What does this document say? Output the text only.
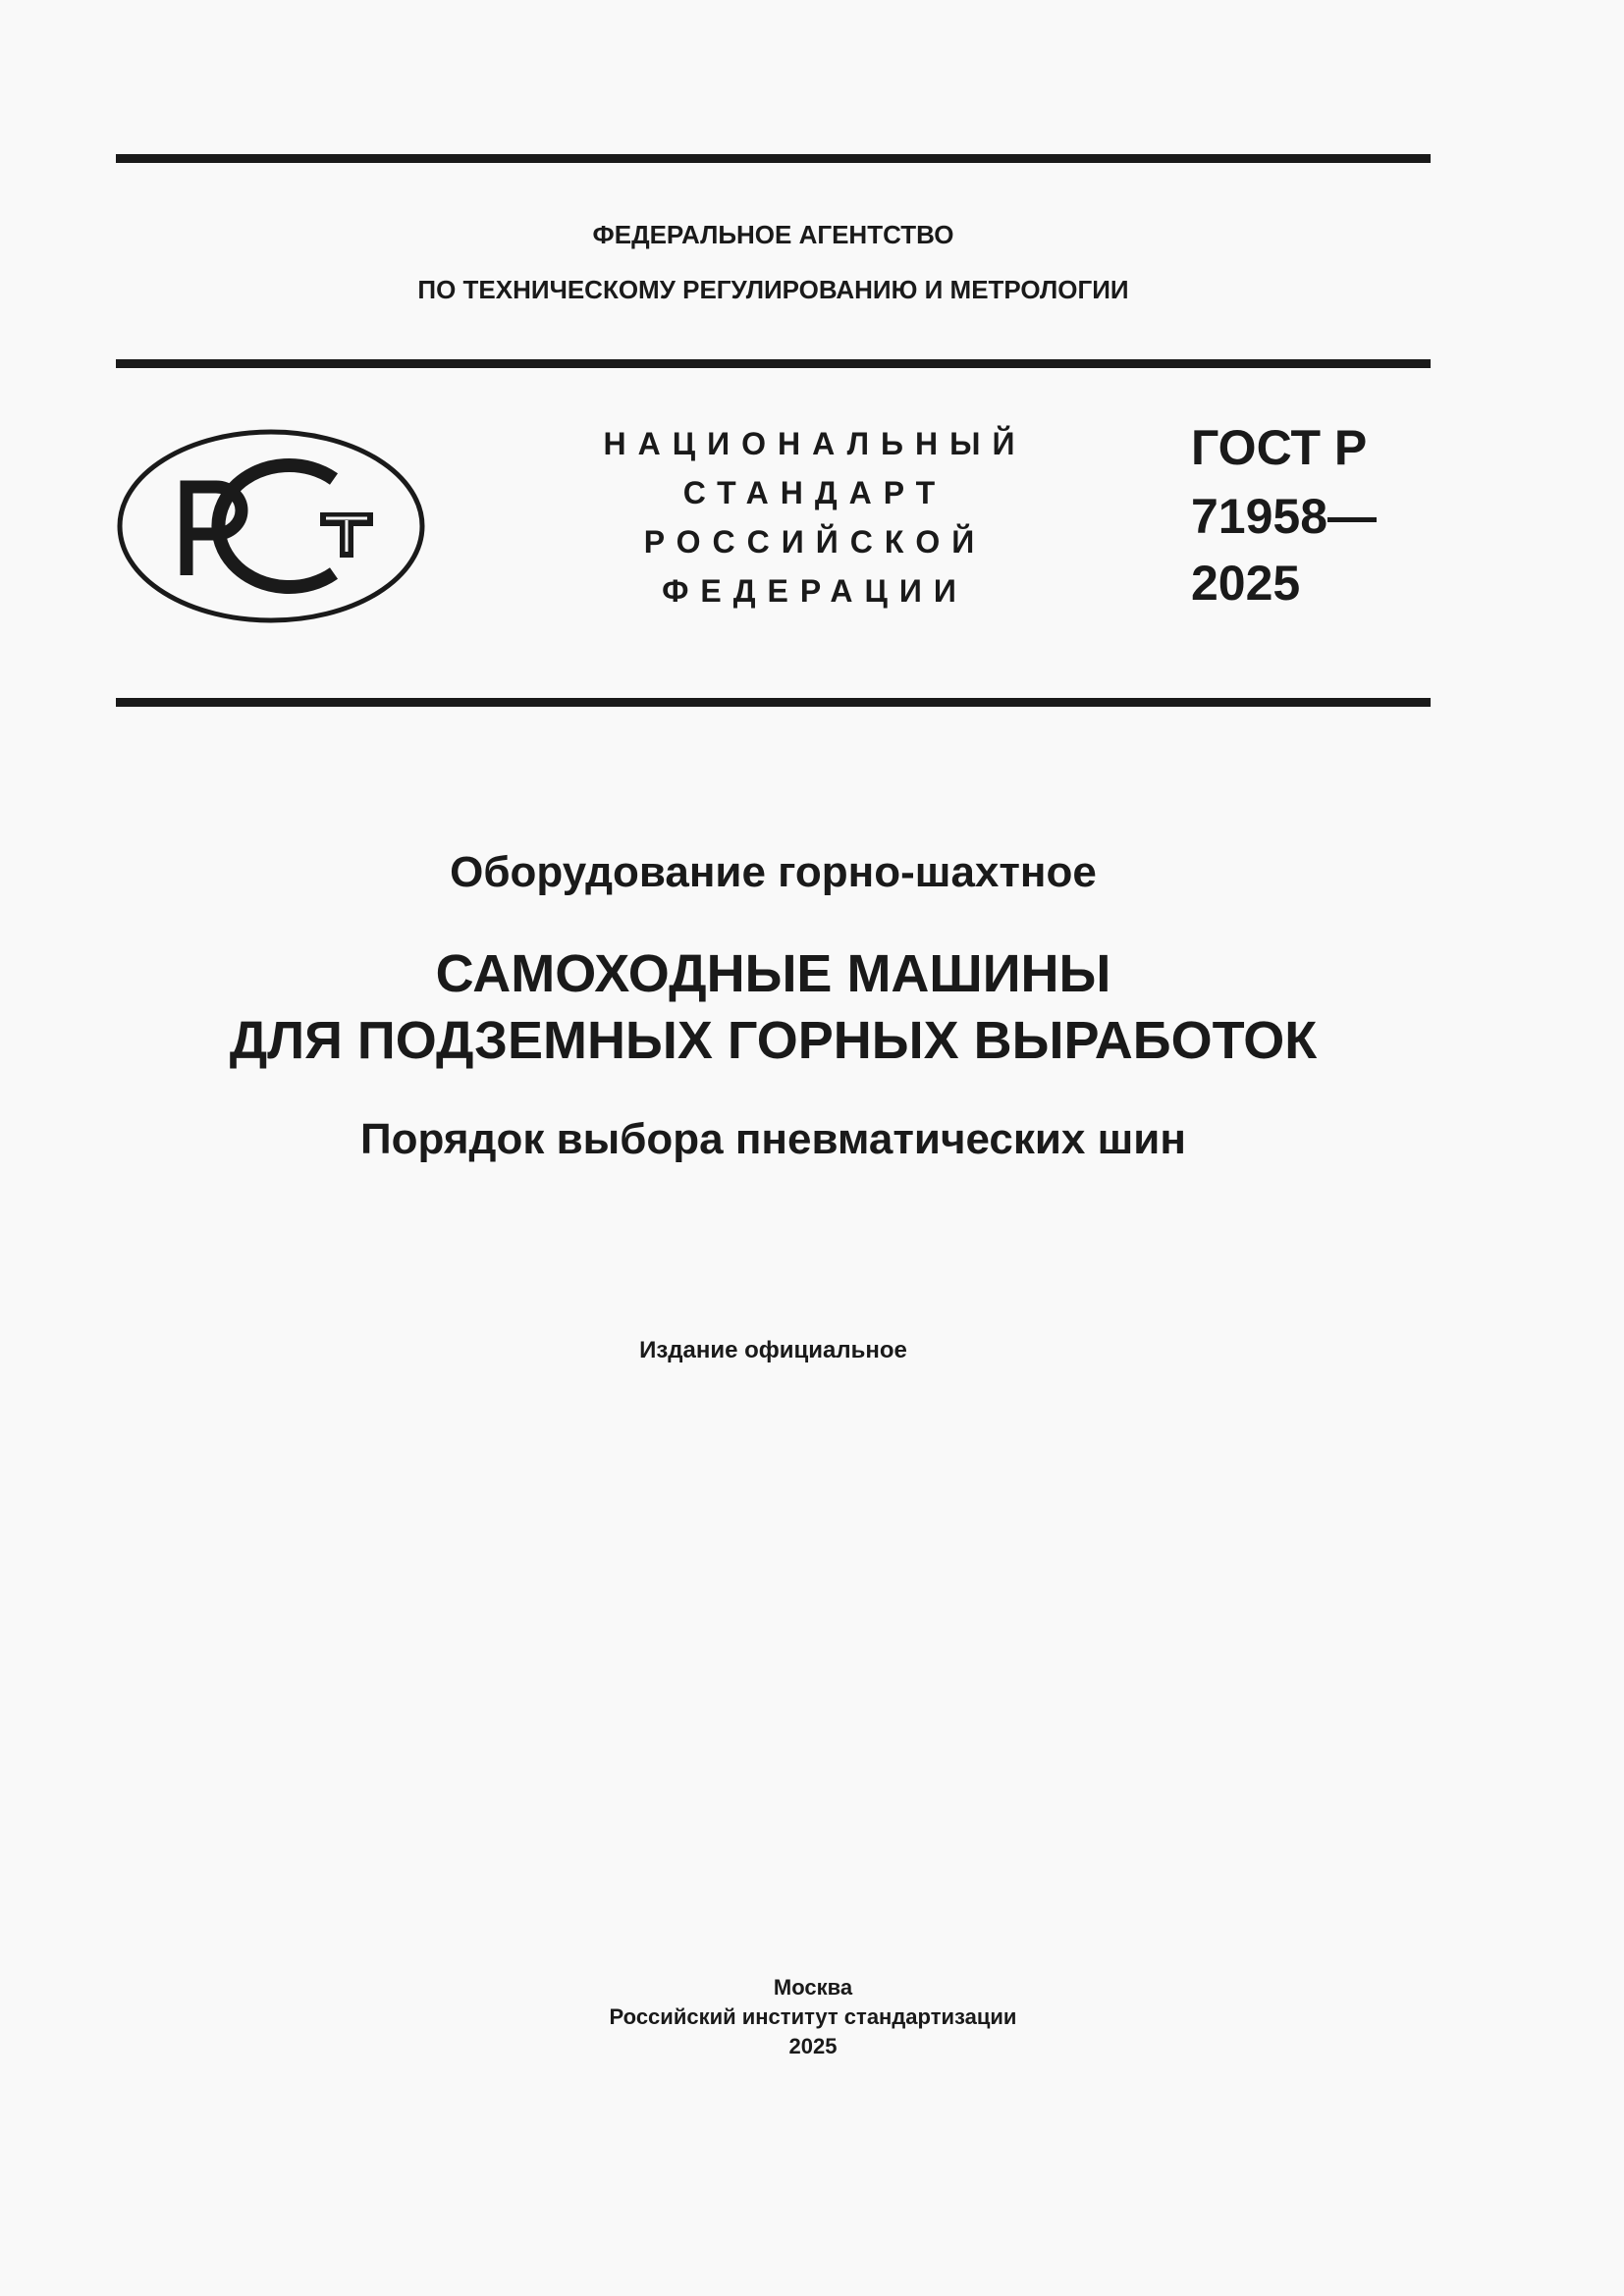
ФЕДЕРАЛЬНОЕ АГЕНТСТВО
ПО ТЕХНИЧЕСКОМУ РЕГУЛИРОВАНИЮ И МЕТРОЛОГИИ
НАЦИОНАЛЬНЫЙ
СТАНДАРТ
РОССИЙСКОЙ
ФЕДЕРАЦИИ
ГОСТ Р
71958—
2025
Оборудование горно-шахтное
САМОХОДНЫЕ МАШИНЫ
ДЛЯ ПОДЗЕМНЫХ ГОРНЫХ ВЫРАБОТОК
Порядок выбора пневматических шин
Издание официальное
Москва
Российский институт стандартизации
2025
